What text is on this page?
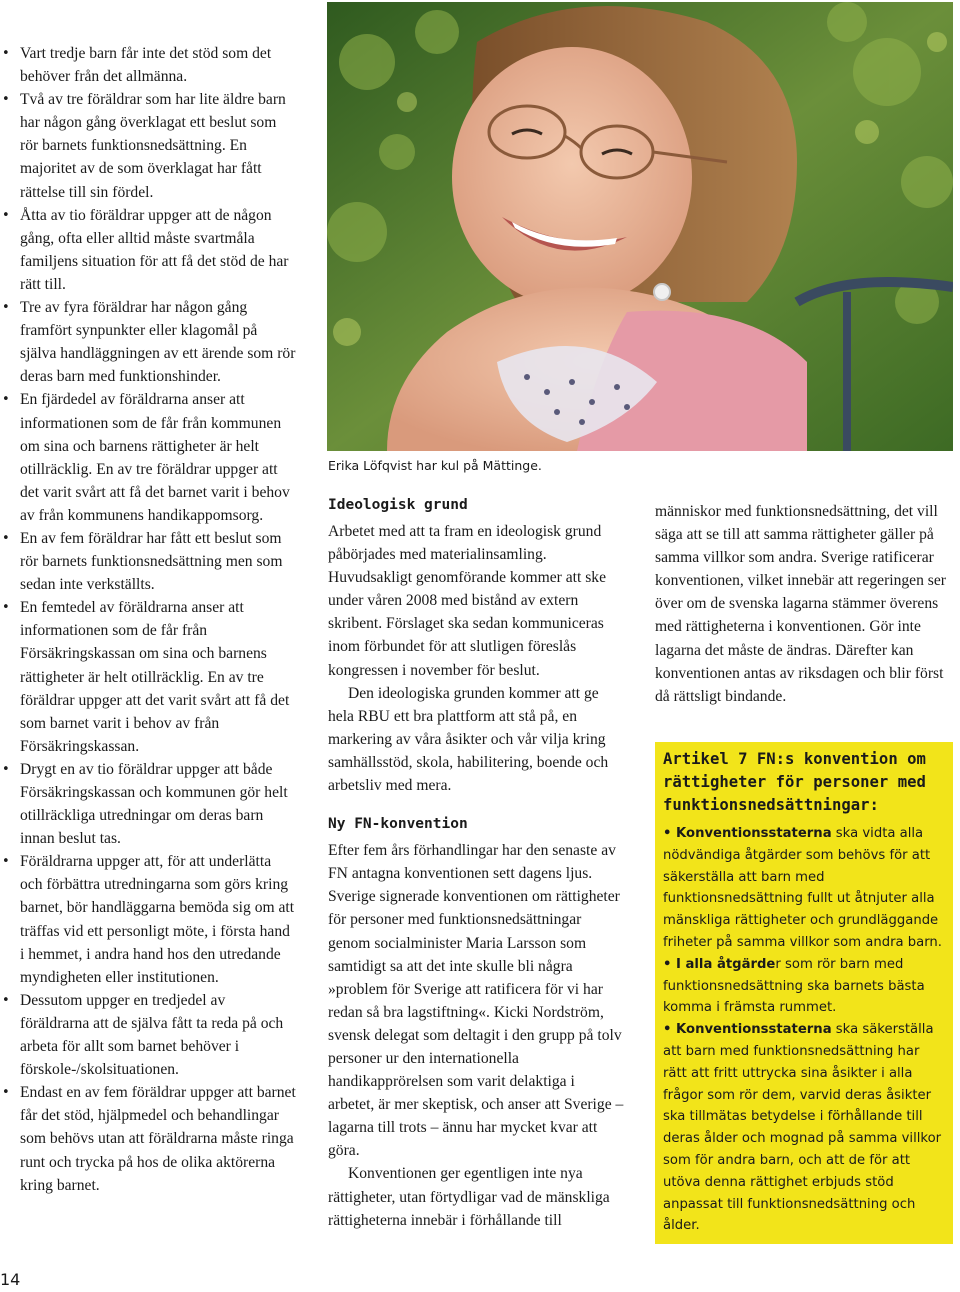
• Vart tredje barn får inte det stöd som det behöver från det allmänna.
• Två av tre föräldrar som har lite äldre barn har någon gång överklagat ett beslut som rör barnets funktionsnedsättning. En majoritet av de som överklagat har fått rättelse till sin fördel.
• Åtta av tio föräldrar uppger att de någon gång, ofta eller alltid måste svartmåla familjens situation för att få det stöd de har rätt till.
• Tre av fyra föräldrar har någon gång framfört synpunkter eller klagomål på själva handläggningen av ett ärende som rör deras barn med funktionshinder.
• En fjärdedel av föräldrarna anser att informationen som de får från kommunen om sina och barnens rättigheter är helt otillräcklig. En av tre föräldrar uppger att det varit svårt att få det barnet varit i behov av från kommunens handikappomsorg.
• En av fem föräldrar har fått ett beslut som rör barnets funktionsnedsättning men som sedan inte verkställts.
• En femtedel av föräldrarna anser att informationen som de får från Försäkringskassan om sina och barnens rättigheter är helt otillräcklig. En av tre föräldrar uppger att det varit svårt att få det som barnet varit i behov av från Försäkringskassan.
• Drygt en av tio föräldrar uppger att både Försäkringskassan och kommunen gör helt otillräckliga utredningar om deras barn innan beslut tas.
• Föräldrarna uppger att, för att underlätta och förbättra utredningarna som görs kring barnet, bör handläggarna bemöda sig om att träffas vid ett personligt möte, i första hand i hemmet, i andra hand hos den utredande myndigheten eller institutionen.
• Dessutom uppger en tredjedel av föräldrarna att de själva fått ta reda på och arbeta för allt som barnet behöver i förskole-/skolsituationen.
• Endast en av fem föräldrar uppger att barnet får det stöd, hjälpmedel och behandlingar som behövs utan att föräldrarna måste ringa runt och trycka på hos de olika aktörerna kring barnet.
Erika Löfqvist har kul på Mättinge.
Ideologisk grund

Arbetet med att ta fram en ideologisk grund påbörjades med materialinsamling. Huvudsakligt genomförande kommer att ske under våren 2008 med bistånd av extern skribent. Förslaget ska sedan kommuniceras inom förbundet för att slutligen föreslås kongressen i november för beslut.

Den ideologiska grunden kommer att ge hela RBU ett bra plattform att stå på, en markering av våra åsikter och vår vilja kring samhällsstöd, skola, habilitering, boende och arbetsliv med mera.

Ny FN-konvention

Efter fem års förhandlingar har den senaste av FN antagna konventionen sett dagens ljus. Sverige signerade konventionen om rättigheter för personer med funktionsnedsättningar genom socialminister Maria Larsson som samtidigt sa att det inte skulle bli några »problem för Sverige att ratificera för vi har redan så bra lagstiftning«. Kicki Nordström, svensk delegat som deltagit i den grupp på tolv personer ur den internationella handikapprörelsen som varit delaktiga i arbetet, är mer skeptisk, och anser att Sverige – lagarna till trots – ännu har mycket kvar att göra.

Konventionen ger egentligen inte nya rättigheter, utan förtydligar vad de mänskliga rättigheterna innebär i förhållande till

människor med funktionsnedsättning, det vill säga att se till att samma rättigheter gäller på samma villkor som andra. Sverige ratificerar konventionen, vilket innebär att regeringen ser över om de svenska lagarna stämmer överens med rättigheterna i konventionen. Gör inte lagarna det måste de ändras. Därefter kan konventionen antas av riksdagen och blir först då rättsligt bindande.

Artikel 7 FN:s konvention om rättigheter för personer med funktionsnedsättningar:

• Konventionsstaterna ska vidta alla nödvändiga åtgärder som behövs för att säkerställa att barn med funktionsnedsättning fullt ut åtnjuter alla mänskliga rättigheter och grundläggande friheter på samma villkor som andra barn.

• I alla åtgärder som rör barn med funktionsnedsättning ska barnets bästa komma i främsta rummet.

• Konventionsstaterna ska säkerställa att barn med funktionsnedsättning har rätt att fritt uttrycka sina åsikter i alla frågor som rör dem, varvid deras åsikter ska tillmätas betydelse i förhållande till deras ålder och mognad på samma villkor som för andra barn, och att de för att utöva denna rättighet erbjuds stöd anpassat till funktionsnedsättning och ålder.

14
